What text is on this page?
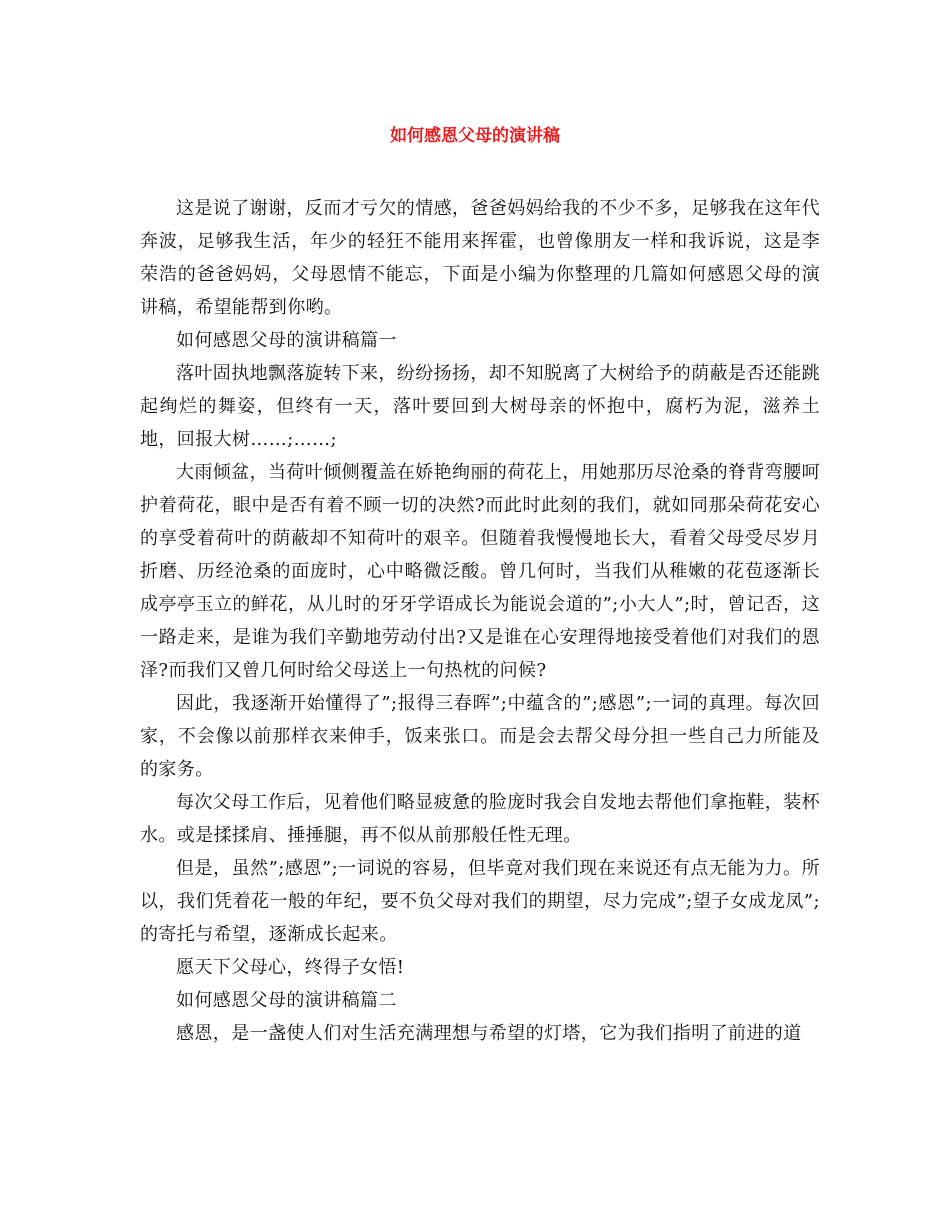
如何感恩父母的演讲稿

这是说了谢谢，反而才亏欠的情感，爸爸妈妈给我的不少不多，足够我在这年代奔波，足够我生活，年少的轻狂不能用来挥霍，也曾像朋友一样和我诉说，这是李荣浩的爸爸妈妈，父母恩情不能忘，下面是小编为你整理的几篇如何感恩父母的演讲稿，希望能帮到你哟。

如何感恩父母的演讲稿篇一

落叶固执地飘落旋转下来，纷纷扬扬，却不知脱离了大树给予的荫蔽是否还能跳起绚烂的舞姿，但终有一天，落叶要回到大树母亲的怀抱中，腐朽为泥，滋养土地，回报大树……;……;

大雨倾盆，当荷叶倾侧覆盖在娇艳绚丽的荷花上，用她那历尽沧桑的脊背弯腰呵护着荷花，眼中是否有着不顾一切的决然?而此时此刻的我们，就如同那朵荷花安心的享受着荷叶的荫蔽却不知荷叶的艰辛。但随着我慢慢地长大，看着父母受尽岁月折磨、历经沧桑的面庞时，心中略微泛酸。曾几何时，当我们从稚嫩的花苞逐渐长成亭亭玉立的鲜花，从儿时的牙牙学语成长为能说会道的”;小大人”;时，曾记否，这一路走来，是谁为我们辛勤地劳动付出?又是谁在心安理得地接受着他们对我们的恩泽?而我们又曾几何时给父母送上一句热枕的问候?

因此，我逐渐开始懂得了”;报得三春晖”;中蕴含的”;感恩”;一词的真理。每次回家，不会像以前那样衣来伸手，饭来张口。而是会去帮父母分担一些自己力所能及的家务。

每次父母工作后，见着他们略显疲惫的脸庞时我会自发地去帮他们拿拖鞋，装杯水。或是揉揉肩、捶捶腿，再不似从前那般任性无理。

但是，虽然”;感恩”;一词说的容易，但毕竟对我们现在来说还有点无能为力。所以，我们凭着花一般的年纪，要不负父母对我们的期望，尽力完成”;望子女成龙凤”;的寄托与希望，逐渐成长起来。

愿天下父母心，终得子女悟!

如何感恩父母的演讲稿篇二

感恩，是一盏使人们对生活充满理想与希望的灯塔，它为我们指明了前进的道
